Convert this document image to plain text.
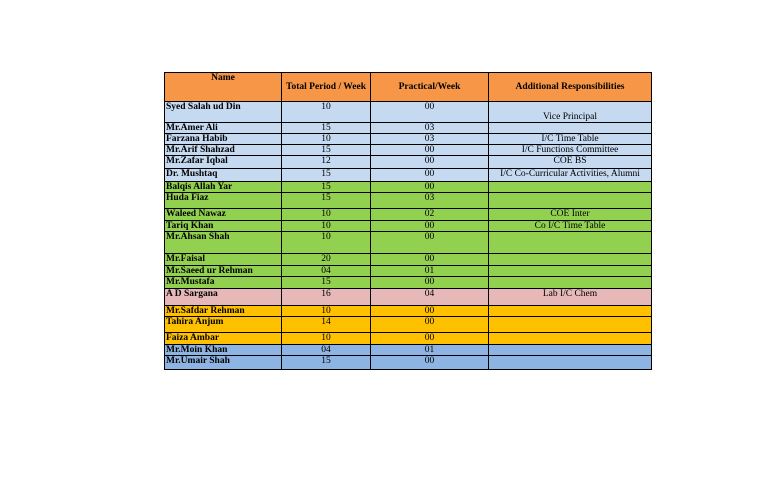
Name	Total Period / Week	Practical/Week	Additional Responsibilities
Syed Salah ud Din	10	00	Vice Principal
Mr.Amer Ali	15	03	
Farzana Habib	10	03	I/C Time Table
Mr.Arif Shahzad	15	00	I/C Functions Committee
Mr.Zafar Iqbal	12	00	COE BS
Dr. Mushtaq	15	00	I/C Co-Curricular Activities, Alumni
Balqis Allah Yar	15	00	
Huda Fiaz	15	03	
Waleed Nawaz	10	02	COE Inter
Tariq Khan	10	00	Co I/C Time Table
Mr.Ahsan Shah	10	00	
Mr.Faisal	20	00	
Mr.Saeed ur Rehman	04	01	
Mr.Mustafa	15	00	
A D Sargana	16	04	Lab I/C Chem
Mr.Safdar Rehman	10	00	
Tahira Anjum	14	00	
Faiza Ambar	10	00	
Mr.Moin Khan	04	01	
Mr.Umair Shah	15	00	
